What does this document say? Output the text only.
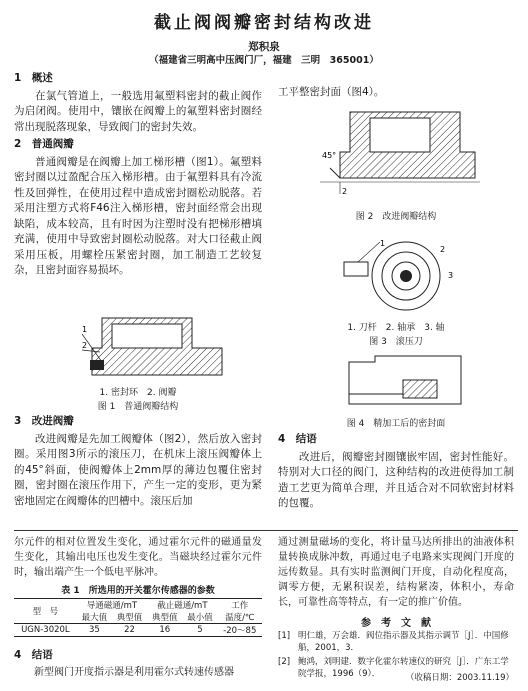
截止阀阀瓣密封结构改进
郑积泉
（福建省三明高中压阀门厂，福建　三明　365001）
1　概述

在氯气管道上，一般选用氟塑料密封的截止阀作为启闭阀。使用中，镶嵌在阀瓣上的氟塑料密封圈经常出现脱落现象，导致阀门的密封失效。

2　普通阀瓣

普通阀瓣是在阀瓣上加工梯形槽（图1）。氟塑料密封圈以过盈配合压入梯形槽。由于氟塑料具有冷流性及回弹性，在使用过程中造成密封圈松动脱落。若采用注塑方式将F46注入梯形槽，密封面经常会出现缺陷，成本较高，且有时因为注塑时没有把梯形槽填充满，使用中导致密封圈松动脱落。对大口径截止阀采用压板，用螺栓压紧密封圈，加工制造工艺较复杂，且密封面容易损坏。

1
2
1. 密封环　2. 阀瓣
图 1　普通阀瓣结构
3　改进阀瓣

改进阀瓣是先加工阀瓣体（图2），然后放入密封圈。采用图3所示的滚压刀，在机床上滚压阀瓣体上的45°斜面，使阀瓣体上2mm厚的薄边包覆住密封圈，密封圈在滚压作用下，产生一定的变形，更为紧密地固定在阀瓣体的凹槽中。滚压后加

工平整密封面（图4）。

45°
2
图 2　改进阀瓣结构
1
2
3
1. 刀杆　2. 轴承　3. 轴
图 3　滚压刀
图 4　精加工后的密封面
4　结语

改进后，阀瓣密封圈镶嵌牢固，密封性能好。特别对大口径的阀门，这种结构的改进使得加工制造工艺更为简单合理，并且适合对不同软密封材料的包覆。

尔元件的相对位置发生变化，通过霍尔元件的磁通量发生变化，其输出电压也发生变化。当磁块经过霍尔元件时，输出端产生一个低电平脉冲。

表 1　所选用的开关霍尔传感器的参数
型　号	导通磁通/mT		截止磁通/mT		工作
	最大值	典型值	典型值	最小值	温度/℃
UGN-3020L	35	22	16	5	-20～85
4　结语

新型阀门开度指示器是利用霍尔式转速传感器

通过测量磁场的变化，将计量马达所排出的油液体积量转换成脉冲数，再通过电子电路来实现阀门开度的远传数显。具有实时监测阀门开度，自动化程度高，调零方便，无累积误差，结构紧凑，体积小，寿命长，可靠性高等特点，有一定的推广价值。

参　考　文　献
[1] 明仁雄，万会雄．阀位指示器及其指示调节［J］．中国修船，2001，3．
[2] 鲍鸿，刘明建．数字化霍尔转速仪的研究［J］．广东工学院学报，1996（9）．	（收稿日期：2003.11.19）
